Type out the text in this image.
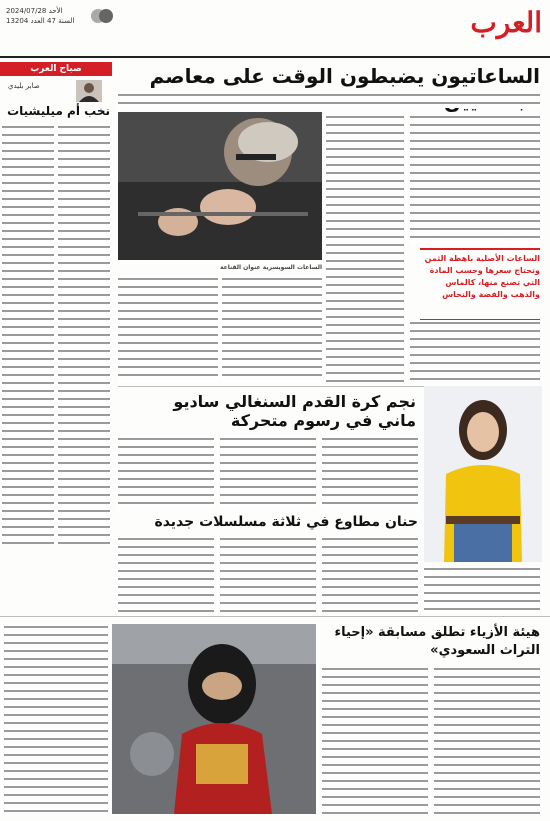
الأحد 2024/07/28
السنة 47 العدد 13204	العرب
الساعاتيون يضبطون الوقت على معاصم
صباح العرب
صابر بليدي
نخب أم ميليشيات
الساعات الأصلية باهظة الثمن وتحتاج سعرها وحسب المادة التي تصنع منها، كالماس والذهب والفضة والنحاس
الساعات السويسرية عنوان القناعة
نجم كرة القدم السنغالي ساديو ماني في رسوم متحركة
حنان مطاوع في ثلاثة مسلسلات جديدة
هيئة الأزياء تطلق مسابقة «إحياء التراث السعودي»
